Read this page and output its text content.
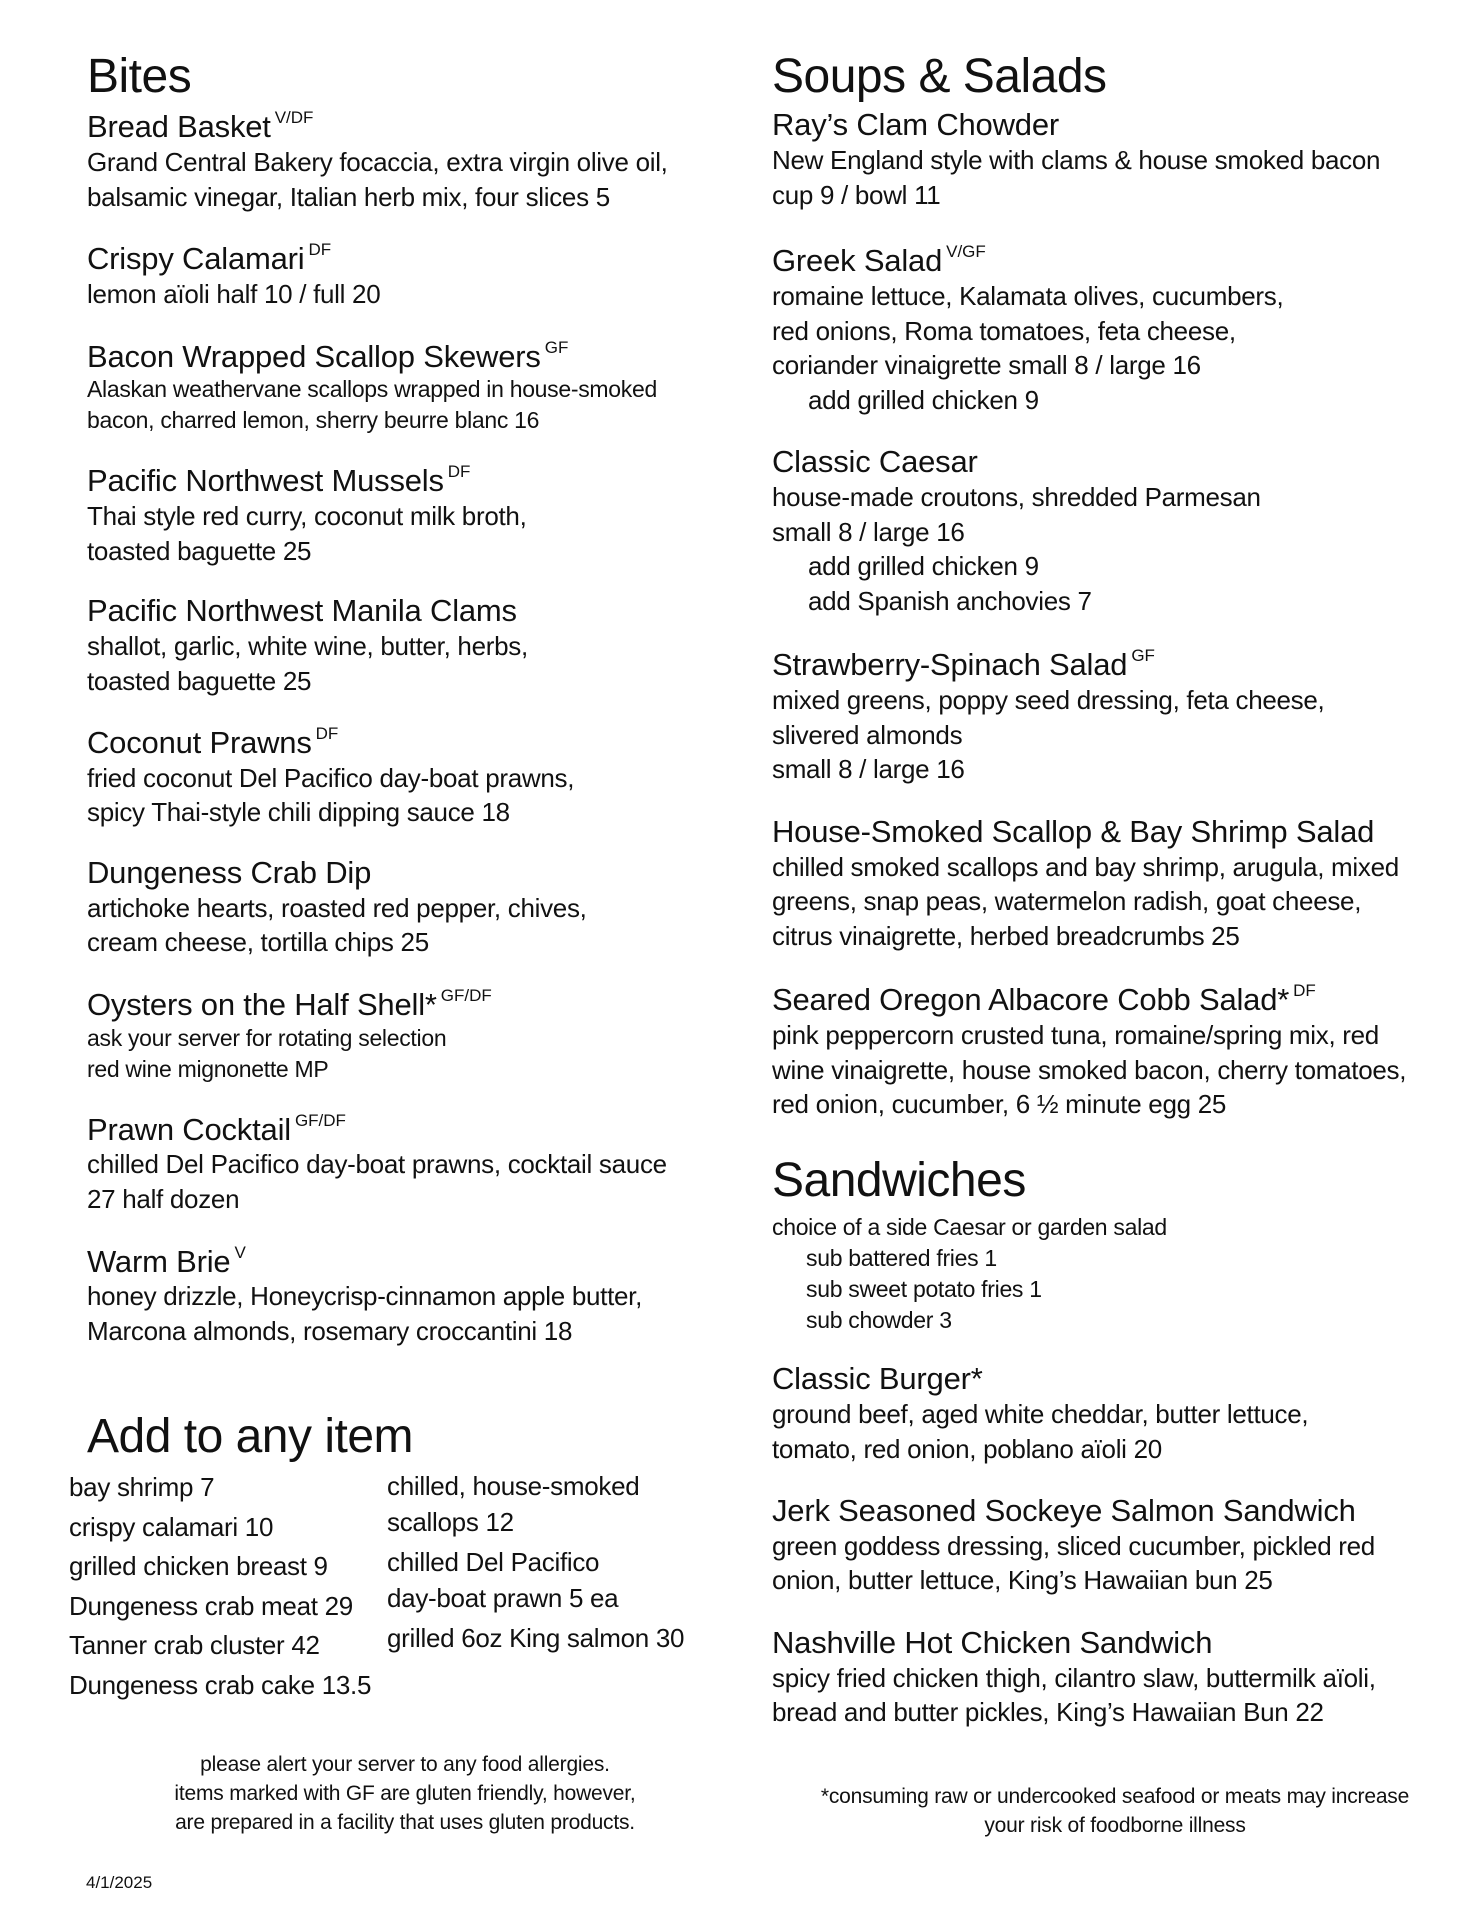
Bites

Bread Basket $^{V/DF}$

Grand Central Bakery focaccia, extra virgin olive oil,
balsamic vinegar, Italian herb mix, four slices 5

Crispy Calamari $^{DF}$

lemon aïoli half 10 / full 20

Bacon Wrapped Scallop Skewers $^{GF}$

Alaskan weathervane scallops wrapped in house-smoked
bacon, charred lemon, sherry beurre blanc 16

Pacific Northwest Mussels $^{DF}$

Thai style red curry, coconut milk broth,
toasted baguette 25

Pacific Northwest Manila Clams

shallot, garlic, white wine, butter, herbs,
toasted baguette 25

Coconut Prawns $^{DF}$

fried coconut Del Pacifico day-boat prawns,
spicy Thai-style chili dipping sauce 18

Dungeness Crab Dip

artichoke hearts, roasted red pepper, chives,
cream cheese, tortilla chips 25

Oysters on the Half Shell* $^{GF/DF}$

ask your server for rotating selection
red wine mignonette MP

Prawn Cocktail $^{GF/DF}$

chilled Del Pacifico day-boat prawns, cocktail sauce
27 half dozen

Warm Brie $^V$

honey drizzle, Honeycrisp-cinnamon apple butter,
Marcona almonds, rosemary croccantini 18

Add to any item
bay shrimp 7
crispy calamari 10
grilled chicken breast 9
Dungeness crab meat 29
Tanner crab cluster 42
Dungeness crab cake 13.5
chilled, house-smoked
scallops 12
chilled Del Pacifico
day-boat prawn 5 ea
grilled 6oz King salmon 30
please alert your server to any food allergies.
items marked with GF are gluten friendly, however,
are prepared in a facility that uses gluten products.
4/1/2025
Soups & Salads

Ray’s Clam Chowder

New England style with clams & house smoked bacon
cup 9 / bowl 11

Greek Salad $^{V/GF}$

romaine lettuce, Kalamata olives, cucumbers,
red onions, Roma tomatoes, feta cheese,
coriander vinaigrette small 8 / large 16
add grilled chicken 9

Classic Caesar

house-made croutons, shredded Parmesan
small 8 / large 16
add grilled chicken 9
add Spanish anchovies 7

Strawberry-Spinach Salad $^{GF}$

mixed greens, poppy seed dressing, feta cheese,
slivered almonds
small 8 / large 16

House-Smoked Scallop & Bay Shrimp Salad

chilled smoked scallops and bay shrimp, arugula, mixed
greens, snap peas, watermelon radish, goat cheese,
citrus vinaigrette, herbed breadcrumbs 25

Seared Oregon Albacore Cobb Salad* $^{DF}$

pink peppercorn crusted tuna, romaine/spring mix, red
wine vinaigrette, house smoked bacon, cherry tomatoes,
red onion, cucumber, 6 ½ minute egg 25

Sandwiches

choice of a side Caesar or garden salad

sub battered fries 1
sub sweet potato fries 1
sub chowder 3

Classic Burger*

ground beef, aged white cheddar, butter lettuce,
tomato, red onion, poblano aïoli 20

Jerk Seasoned Sockeye Salmon Sandwich

green goddess dressing, sliced cucumber, pickled red
onion, butter lettuce, King’s Hawaiian bun 25

Nashville Hot Chicken Sandwich

spicy fried chicken thigh, cilantro slaw, buttermilk aïoli,
bread and butter pickles, King’s Hawaiian Bun 22

*consuming raw or undercooked seafood or meats may increase
your risk of foodborne illness
